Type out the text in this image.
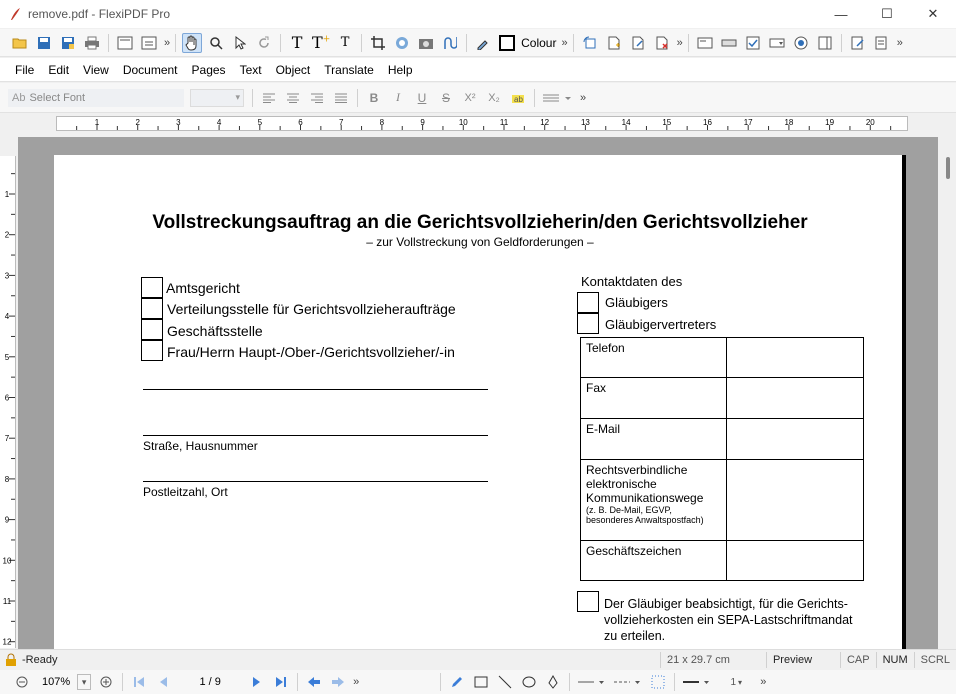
remove.pdf - FlexiPDF Pro	—	☐	✕
»	T T+ T	Colour »	»	»
File	Edit	View	Document	Pages	Text	Object	Translate	Help
Ab Select Font	▾	B I U S X² X₂ ab	»
1	2	3	4	5	6	7	8	9	10	11	12	13	14	15	16	17	18	19	20
1
2
3
4
5
6
7
8
9
10
11
12
Vollstreckungsauftrag an die Gerichtsvollzieherin/den Gerichtsvollzieher
– zur Vollstreckung von Geldforderungen –
Amtsgericht
Verteilungsstelle für Gerichtsvollzieheraufträge
Geschäftsstelle
Frau/Herrn Haupt-/Ober-/Gerichtsvollzieher/-in
Straße, Hausnummer
Postleitzahl, Ort
Kontaktdaten des
Gläubigers
Gläubigervertreters
Telefon	
Fax	
E-Mail	
Rechtsverbindliche elektronische Kommunikationswege
(z. B. De-Mail, EGVP, besonderes Anwaltspostfach)	

Geschäftszeichen	
Der Gläubiger beabsichtigt, für die Gerichts-
vollzieherkosten ein SEPA-Lastschriftmandat
zu erteilen.
- Ready	21 x 29.7 cm	Preview	CAP	NUM	SCRL
107% ▾	1 / 9	»	1 ▾ »
